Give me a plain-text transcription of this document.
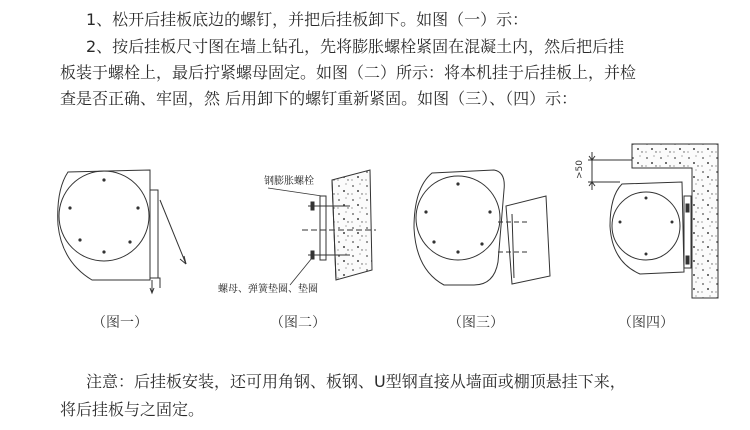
1、松开后挂板底边的螺钉，并把后挂板卸下。如图（一）示：
2、按后挂板尺寸图在墙上钻孔，先将膨胀螺栓紧固在混凝土内，然后把后挂
板装于螺栓上，最后拧紧螺母固定。如图（二）所示：将本机挂于后挂板上，并检
查是否正确、牢固，然 后用卸下的螺钉重新紧固。如图（三）、（四）示：
钢膨胀螺栓
螺母、弹簧垫圈、垫圈
>50
（图一）	（图二）	（图三）	（图四）
注意：后挂板安装，还可用角钢、板钢、U型钢直接从墙面或棚顶悬挂下来，
将后挂板与之固定。
